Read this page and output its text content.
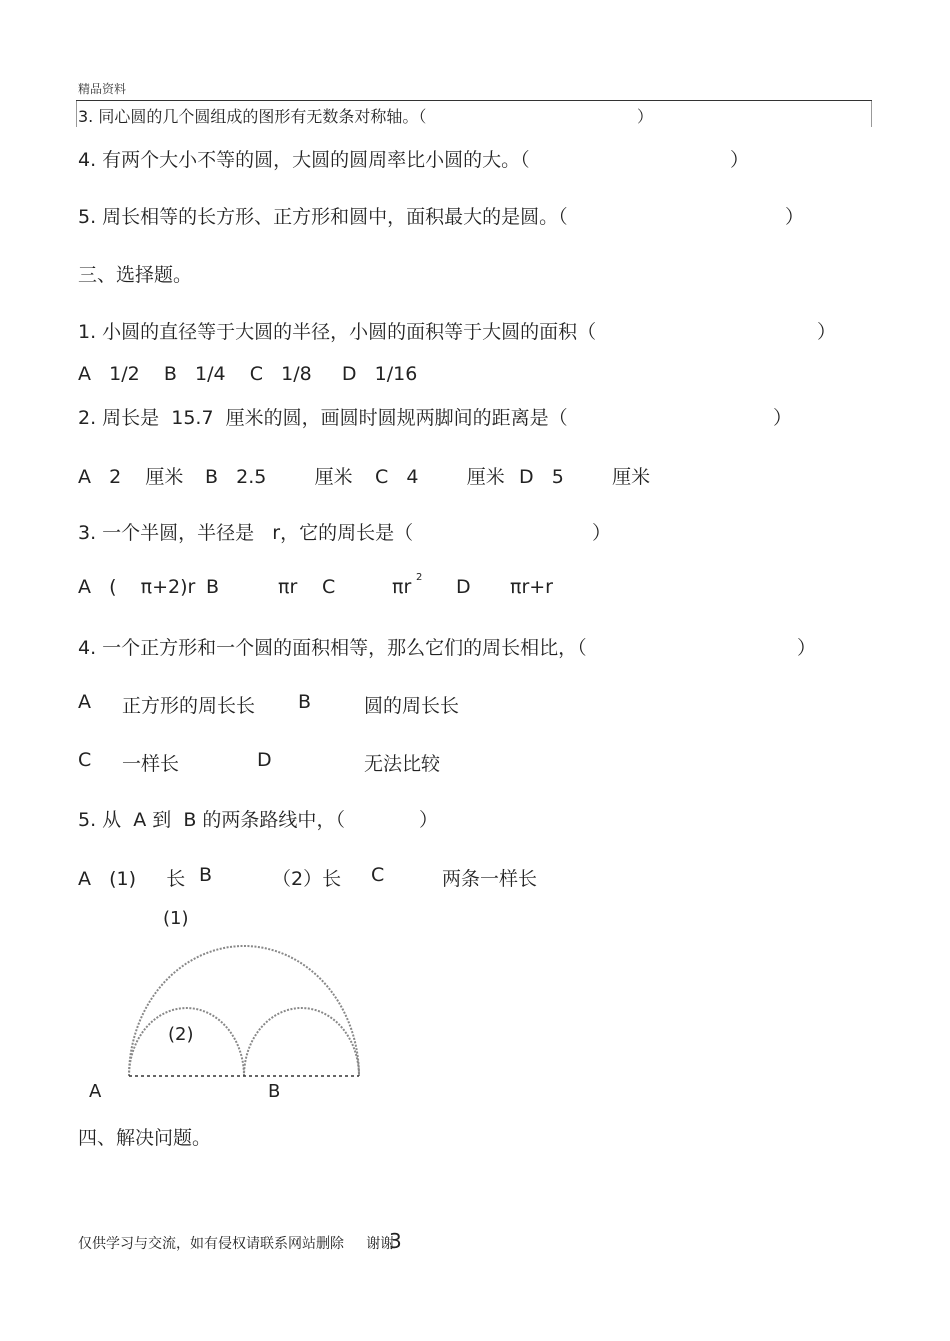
精品资料
3. 同心圆的几个圆组成的图形有无数条对称轴。（	）
4. 有两个大小不等的圆，大圆的圆周率比小圆的大。（	）
5. 周长相等的长方形、正方形和圆中，面积最大的是圆。（	）
三、选择题。
1. 小圆的直径等于大圆的半径，小圆的面积等于大圆的面积（	）
A   1/2    B   1/4    C   1/8     D   1/16
2. 周长是  15.7  厘米的圆，画圆时圆规两脚间的距离是（	）
A   2    厘米 B   2.5        厘米 C   4        厘米 D   5        厘米
3. 一个半圆，半径是   r，它的周长是（	）
A   (    π+2)r B	πr C	πr 2 D πr+r
4. 一个正方形和一个圆的面积相等，那么它们的周长相比，（	）
A 正方形的周长长 B	圆的周长长
C 一样长	D	无法比较
5. 从  A 到  B 的两条路线中，（	）
A   (1)     长 B	（2）长 C	两条一样长
(1)
(2)
A	B
四、解决问题。
仅供学习与交流，如有侵权请联系网站删除     谢谢
3
